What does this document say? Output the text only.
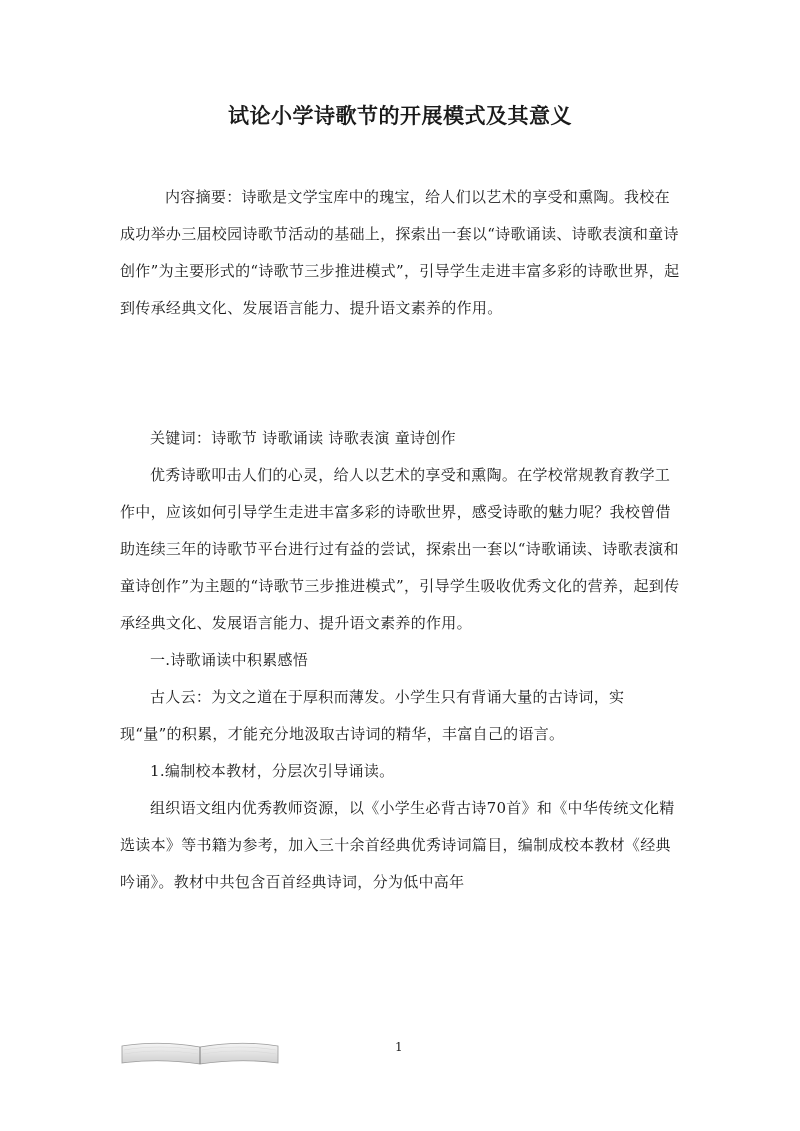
试论小学诗歌节的开展模式及其意义

内容摘要：诗歌是文学宝库中的瑰宝，给人们以艺术的享受和熏陶。我校在成功举办三届校园诗歌节活动的基础上，探索出一套以“诗歌诵读、诗歌表演和童诗创作”为主要形式的“诗歌节三步推进模式”，引导学生走进丰富多彩的诗歌世界，起到传承经典文化、发展语言能力、提升语文素养的作用。

关键词：诗歌节 诗歌诵读 诗歌表演 童诗创作

优秀诗歌叩击人们的心灵，给人以艺术的享受和熏陶。在学校常规教育教学工作中，应该如何引导学生走进丰富多彩的诗歌世界，感受诗歌的魅力呢？我校曾借助连续三年的诗歌节平台进行过有益的尝试，探索出一套以“诗歌诵读、诗歌表演和童诗创作”为主题的“诗歌节三步推进模式”，引导学生吸收优秀文化的营养，起到传承经典文化、发展语言能力、提升语文素养的作用。

一.诗歌诵读中积累感悟

古人云：为文之道在于厚积而薄发。小学生只有背诵大量的古诗词，实现“量”的积累，才能充分地汲取古诗词的精华，丰富自己的语言。

1.编制校本教材，分层次引导诵读。

组织语文组内优秀教师资源，以《小学生必背古诗70首》和《中华传统文化精选读本》等书籍为参考，加入三十余首经典优秀诗词篇目，编制成校本教材《经典吟诵》。教材中共包含百首经典诗词，分为低中高年

1
